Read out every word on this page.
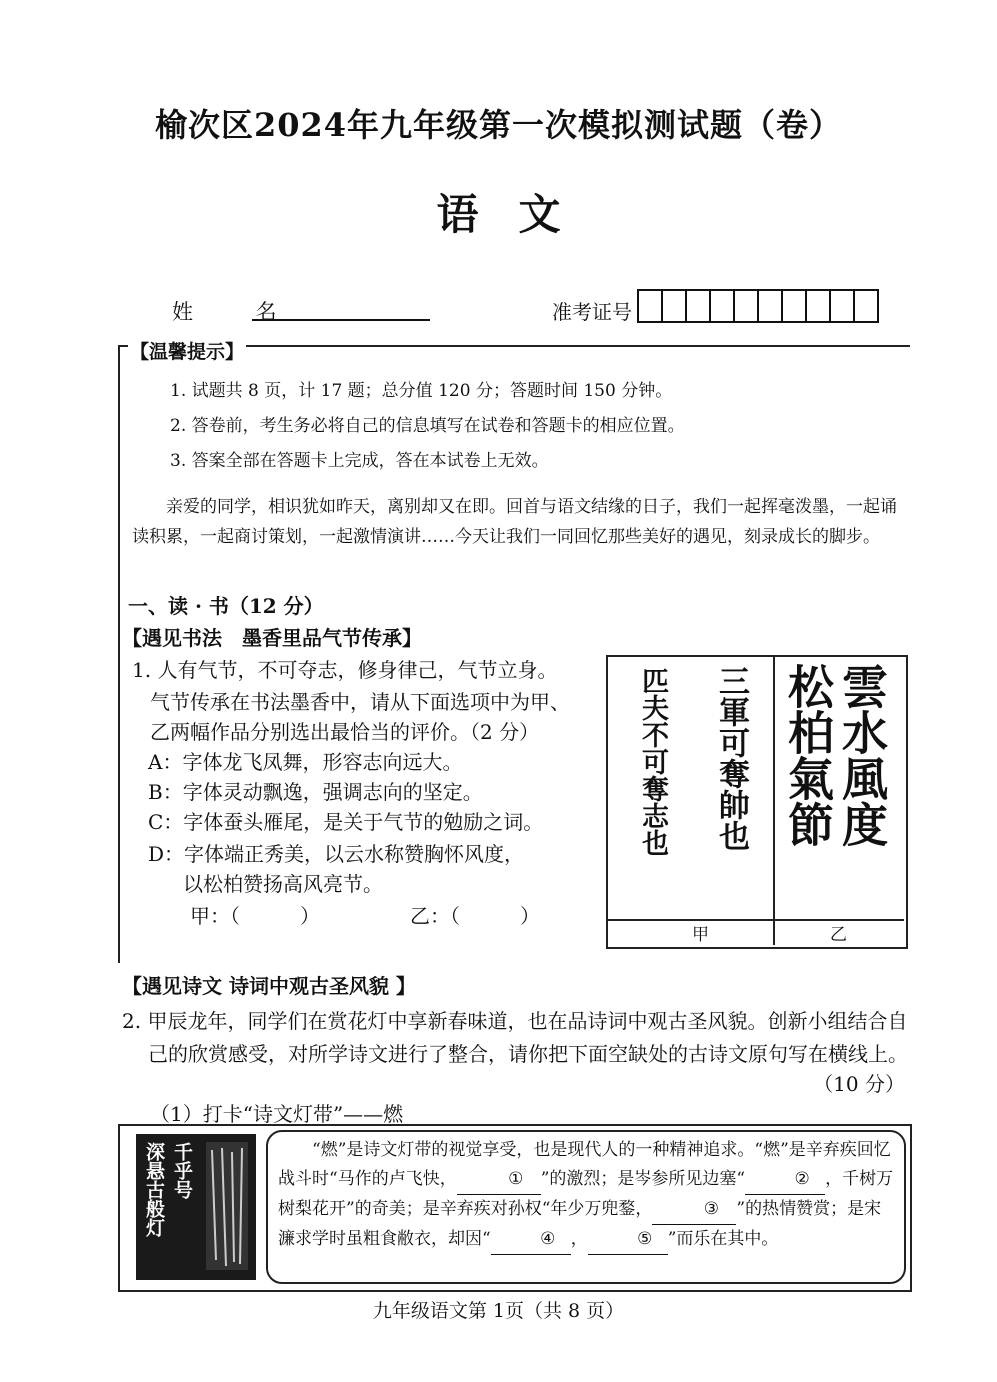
榆次区2024年九年级第一次模拟测试题（卷）
语文
姓 名	准考证号
【温馨提示】
1. 试题共 8 页，计 17 题；总分值 120 分；答题时间 150 分钟。
2. 答卷前，考生务必将自己的信息填写在试卷和答题卡的相应位置。
3. 答案全部在答题卡上完成，答在本试卷上无效。
亲爱的同学，相识犹如昨天，离别却又在即。回首与语文结缘的日子，我们一起挥毫泼墨，一起诵读积累，一起商讨策划，一起激情演讲……今天让我们一同回忆那些美好的遇见，刻录成长的脚步。
一、读 · 书（12 分）
【遇见书法　墨香里品气节传承】
1. 人有气节，不可夺志，修身律己，气节立身。
气节传承在书法墨香中，请从下面选项中为甲、
乙两幅作品分别选出最恰当的评价。（2 分）
A：字体龙飞凤舞，形容志向远大。
B：字体灵动飘逸，强调志向的坚定。
C：字体蚕头雁尾，是关于气节的勉励之词。
D：字体端正秀美，以云水称赞胸怀风度，
以松柏赞扬高风亮节。
甲：（　　　）	乙：（　　　）
三軍可奪帥也
匹夫不可奪志也	雲水風度
松柏氣節
甲	乙
【遇见诗文 诗词中观古圣风貌 】
2. 甲辰龙年，同学们在赏花灯中享新春味道，也在品诗词中观古圣风貌。创新小组结合自己的欣赏感受，对所学诗文进行了整合，请你把下面空缺处的古诗文原句写在横线上。
（10 分）
（1）打卡“诗文灯带”——燃
深悬古般灯 千乎号	“燃”是诗文灯带的视觉享受，也是现代人的一种精神追求。“燃”是辛弃疾回忆战斗时“马作的卢飞快，	① ”的激烈；是岑参所见边塞“	② ，千树万树梨花开”的奇美；是辛弃疾对孙权“年少万兜鍪，	③ ”的热情赞赏；是宋濂求学时虽粗食敝衣，却因“	④ ，	⑤ ”而乐在其中。
九年级语文第 1页（共 8 页）
